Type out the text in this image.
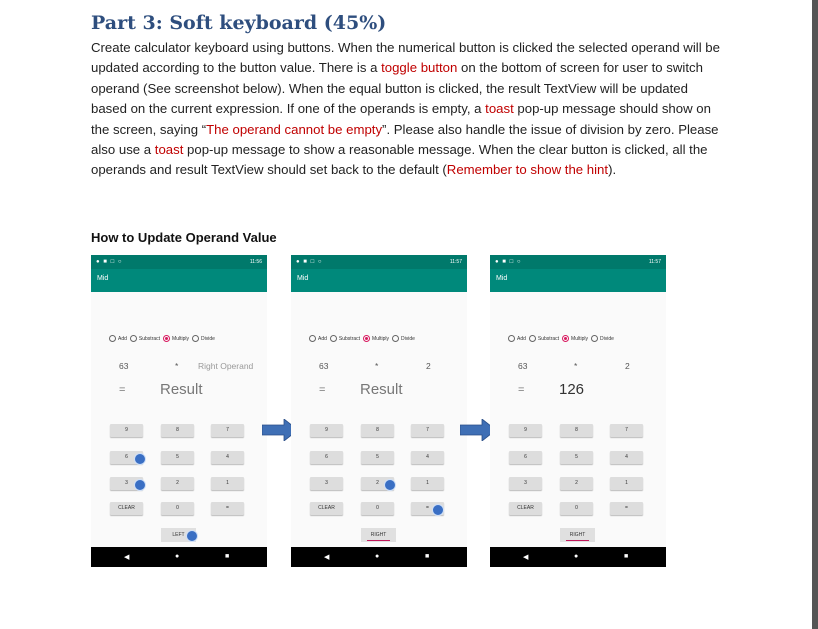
Part 3: Soft keyboard (45%)
Create calculator keyboard using buttons. When the numerical button is clicked the selected operand will be updated according to the button value. There is a toggle button on the bottom of screen for user to switch operand (See screenshot below). When the equal button is clicked, the result TextView will be updated based on the current expression. If one of the operands is empty, a toast pop-up message should show on the screen, saying “The operand cannot be empty”. Please also handle the issue of division by zero. Please also use a toast pop-up message to show a reasonable message. When the clear button is clicked, all the operands and result TextView should set back to the default (Remember to show the hint).
How to Update Operand Value
● ■ □ ○	11:56
Mid
Add Substract Multiply Divide
63	* Right Operand
= Result
9	8	7
6	5	4
3	2	1
CLEAR	0	=
LEFT
◀	●	■
● ■ □ ○	11:57
Mid
Add Substract Multiply Divide
63	*	2
= Result
9	8	7
6	5	4
3	2	1
CLEAR	0	=
RIGHT
◀	●	■
● ■ □ ○	11:57
Mid
Add Substract Multiply Divide
63	*	2
= 126
9	8	7
6	5	4
3	2	1
CLEAR	0	=
RIGHT
◀	●	■
